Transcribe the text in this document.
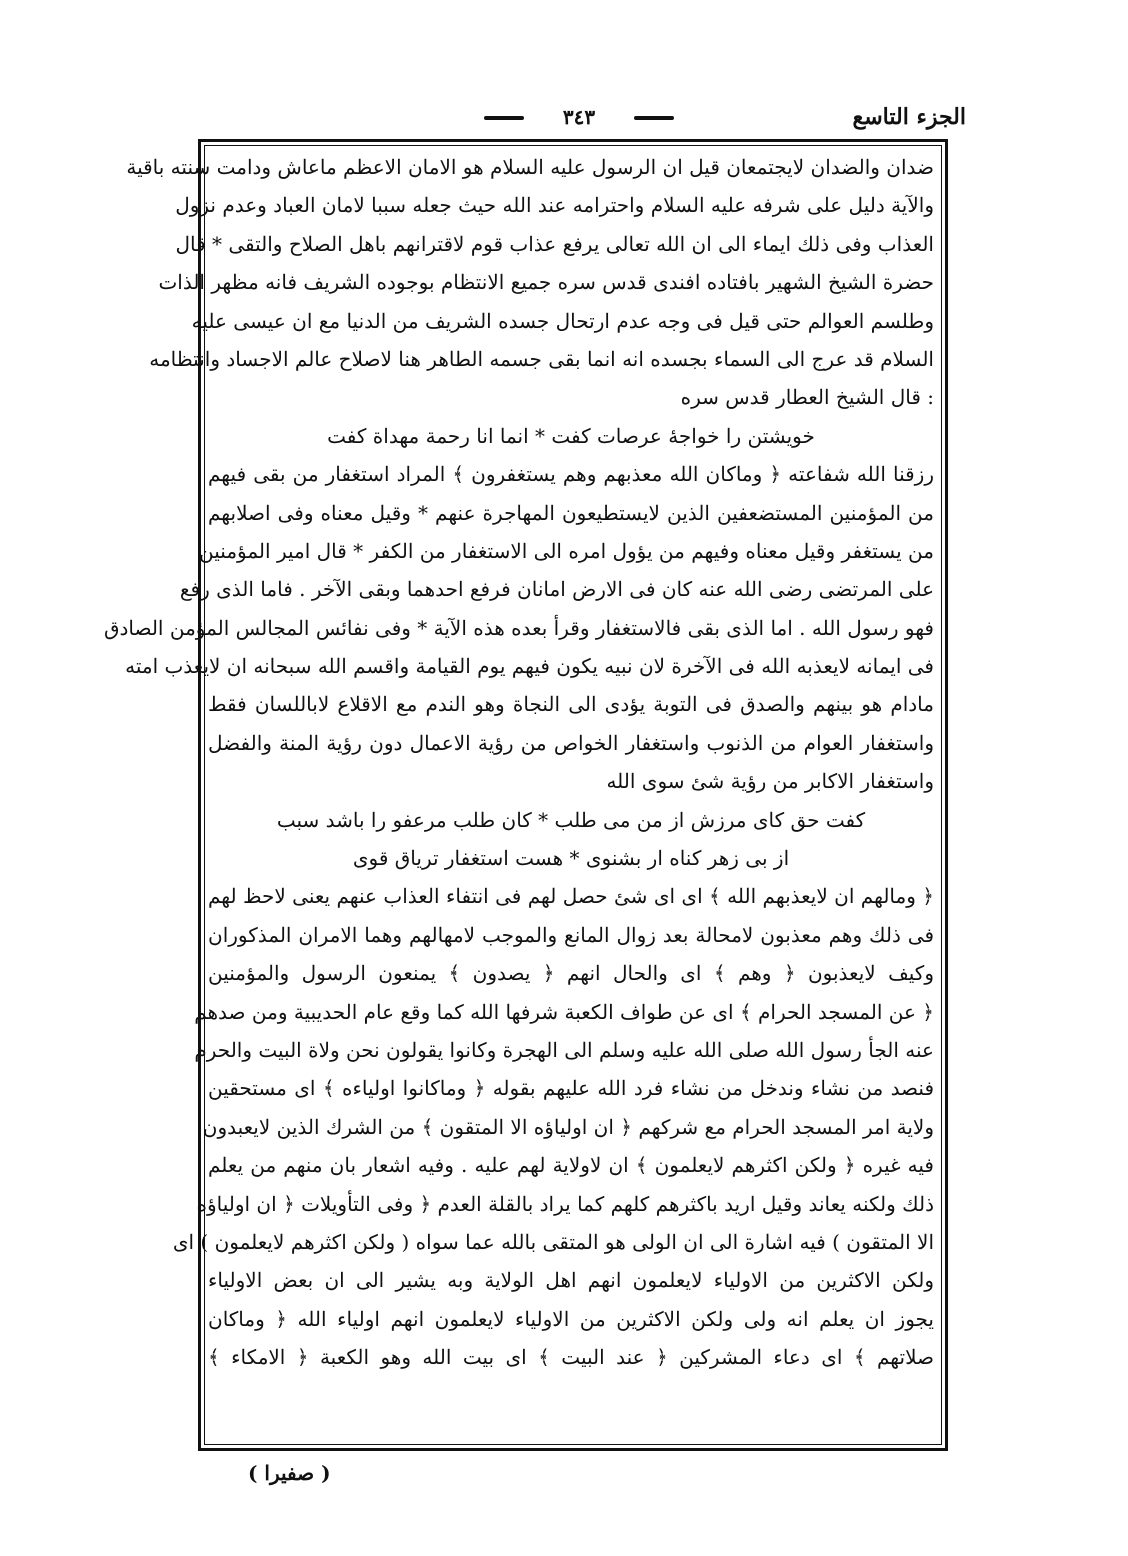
الجزء التاسع
٣٤٣
ضدان والضدان لايجتمعان قيل ان الرسول عليه السلام هو الامان الاعظم ماعاش ودامت سنته باقية
والآية دليل على شرفه عليه السلام واحترامه عند الله حيث جعله سببا لامان العباد وعدم نزول
العذاب وفى ذلك ايماء الى ان الله تعالى يرفع عذاب قوم لاقترانهم باهل الصلاح والتقى * قال
حضرة الشيخ الشهير بافتاده افندى قدس سره جميع الانتظام بوجوده الشريف فانه مظهر الذات
وطلسم العوالم حتى قيل فى وجه عدم ارتحال جسده الشريف من الدنيا مع ان عيسى عليه
السلام قد عرج الى السماء بجسده انه انما بقى جسمه الطاهر هنا لاصلاح عالم الاجساد وانتظامه
: قال الشيخ العطار قدس سره
خويشتن را خواجهٔ عرصات كفت * انما انا رحمة مهداة كفت
رزقنا الله شفاعته ﴿ وماكان الله معذبهم وهم يستغفرون ﴾ المراد استغفار من بقى فيهم
من المؤمنين المستضعفين الذين لايستطيعون المهاجرة عنهم * وقيل معناه وفى اصلابهم
من يستغفر وقيل معناه وفيهم من يؤول امره الى الاستغفار من الكفر * قال امير المؤمنين
على المرتضى رضى الله عنه كان فى الارض امانان فرفع احدهما وبقى الآخر . فاما الذى رفع
فهو رسول الله . اما الذى بقى فالاستغفار وقرأ بعده هذه الآية * وفى نفائس المجالس المؤمن الصادق
فى ايمانه لايعذبه الله فى الآخرة لان نبيه يكون فيهم يوم القيامة واقسم الله سبحانه ان لايعذب امته
مادام هو بينهم والصدق فى التوبة يؤدى الى النجاة وهو الندم مع الاقلاع لاباللسان فقط
واستغفار العوام من الذنوب واستغفار الخواص من رؤية الاعمال دون رؤية المنة والفضل
واستغفار الاكابر من رؤية شئ سوى الله
كفت حق كاى مرزش از من مى طلب * كان طلب مرعفو را باشد سبب
از بى زهر كناه ار بشنوى * هست استغفار ترياق قوى
﴿ ومالهم ان لايعذبهم الله ﴾ اى اى شئ حصل لهم فى انتفاء العذاب عنهم يعنى لاحظ لهم
فى ذلك وهم معذبون لامحالة بعد زوال المانع والموجب لامهالهم وهما الامران المذكوران
وكيف لايعذبون ﴿ وهم ﴾ اى والحال انهم ﴿ يصدون ﴾ يمنعون الرسول والمؤمنين
﴿ عن المسجد الحرام ﴾ اى عن طواف الكعبة شرفها الله كما وقع عام الحديبية ومن صدهم
عنه الجأ رسول الله صلى الله عليه وسلم الى الهجرة وكانوا يقولون نحن ولاة البيت والحرم
فنصد من نشاء وندخل من نشاء فرد الله عليهم بقوله ﴿ وماكانوا اولياءه ﴾ اى مستحقين
ولاية امر المسجد الحرام مع شركهم ﴿ ان اولياؤه الا المتقون ﴾ من الشرك الذين لايعبدون
فيه غيره ﴿ ولكن اكثرهم لايعلمون ﴾ ان لاولاية لهم عليه . وفيه اشعار بان منهم من يعلم
ذلك ولكنه يعاند وقيل اريد باكثرهم كلهم كما يراد بالقلة العدم ﴿ وفى التأويلات ﴿ ان اولياؤه
الا المتقون ) فيه اشارة الى ان الولى هو المتقى بالله عما سواه ( ولكن اكثرهم لايعلمون ) اى
ولكن الاكثرين من الاولياء لايعلمون انهم اهل الولاية وبه يشير الى ان بعض الاولياء
يجوز ان يعلم انه ولى ولكن الاكثرين من الاولياء لايعلمون انهم اولياء الله ﴿ وماكان
صلاتهم ﴾ اى دعاء المشركين ﴿ عند البيت ﴾ اى بيت الله وهو الكعبة ﴿ الامكاء ﴾
( صفيرا )
